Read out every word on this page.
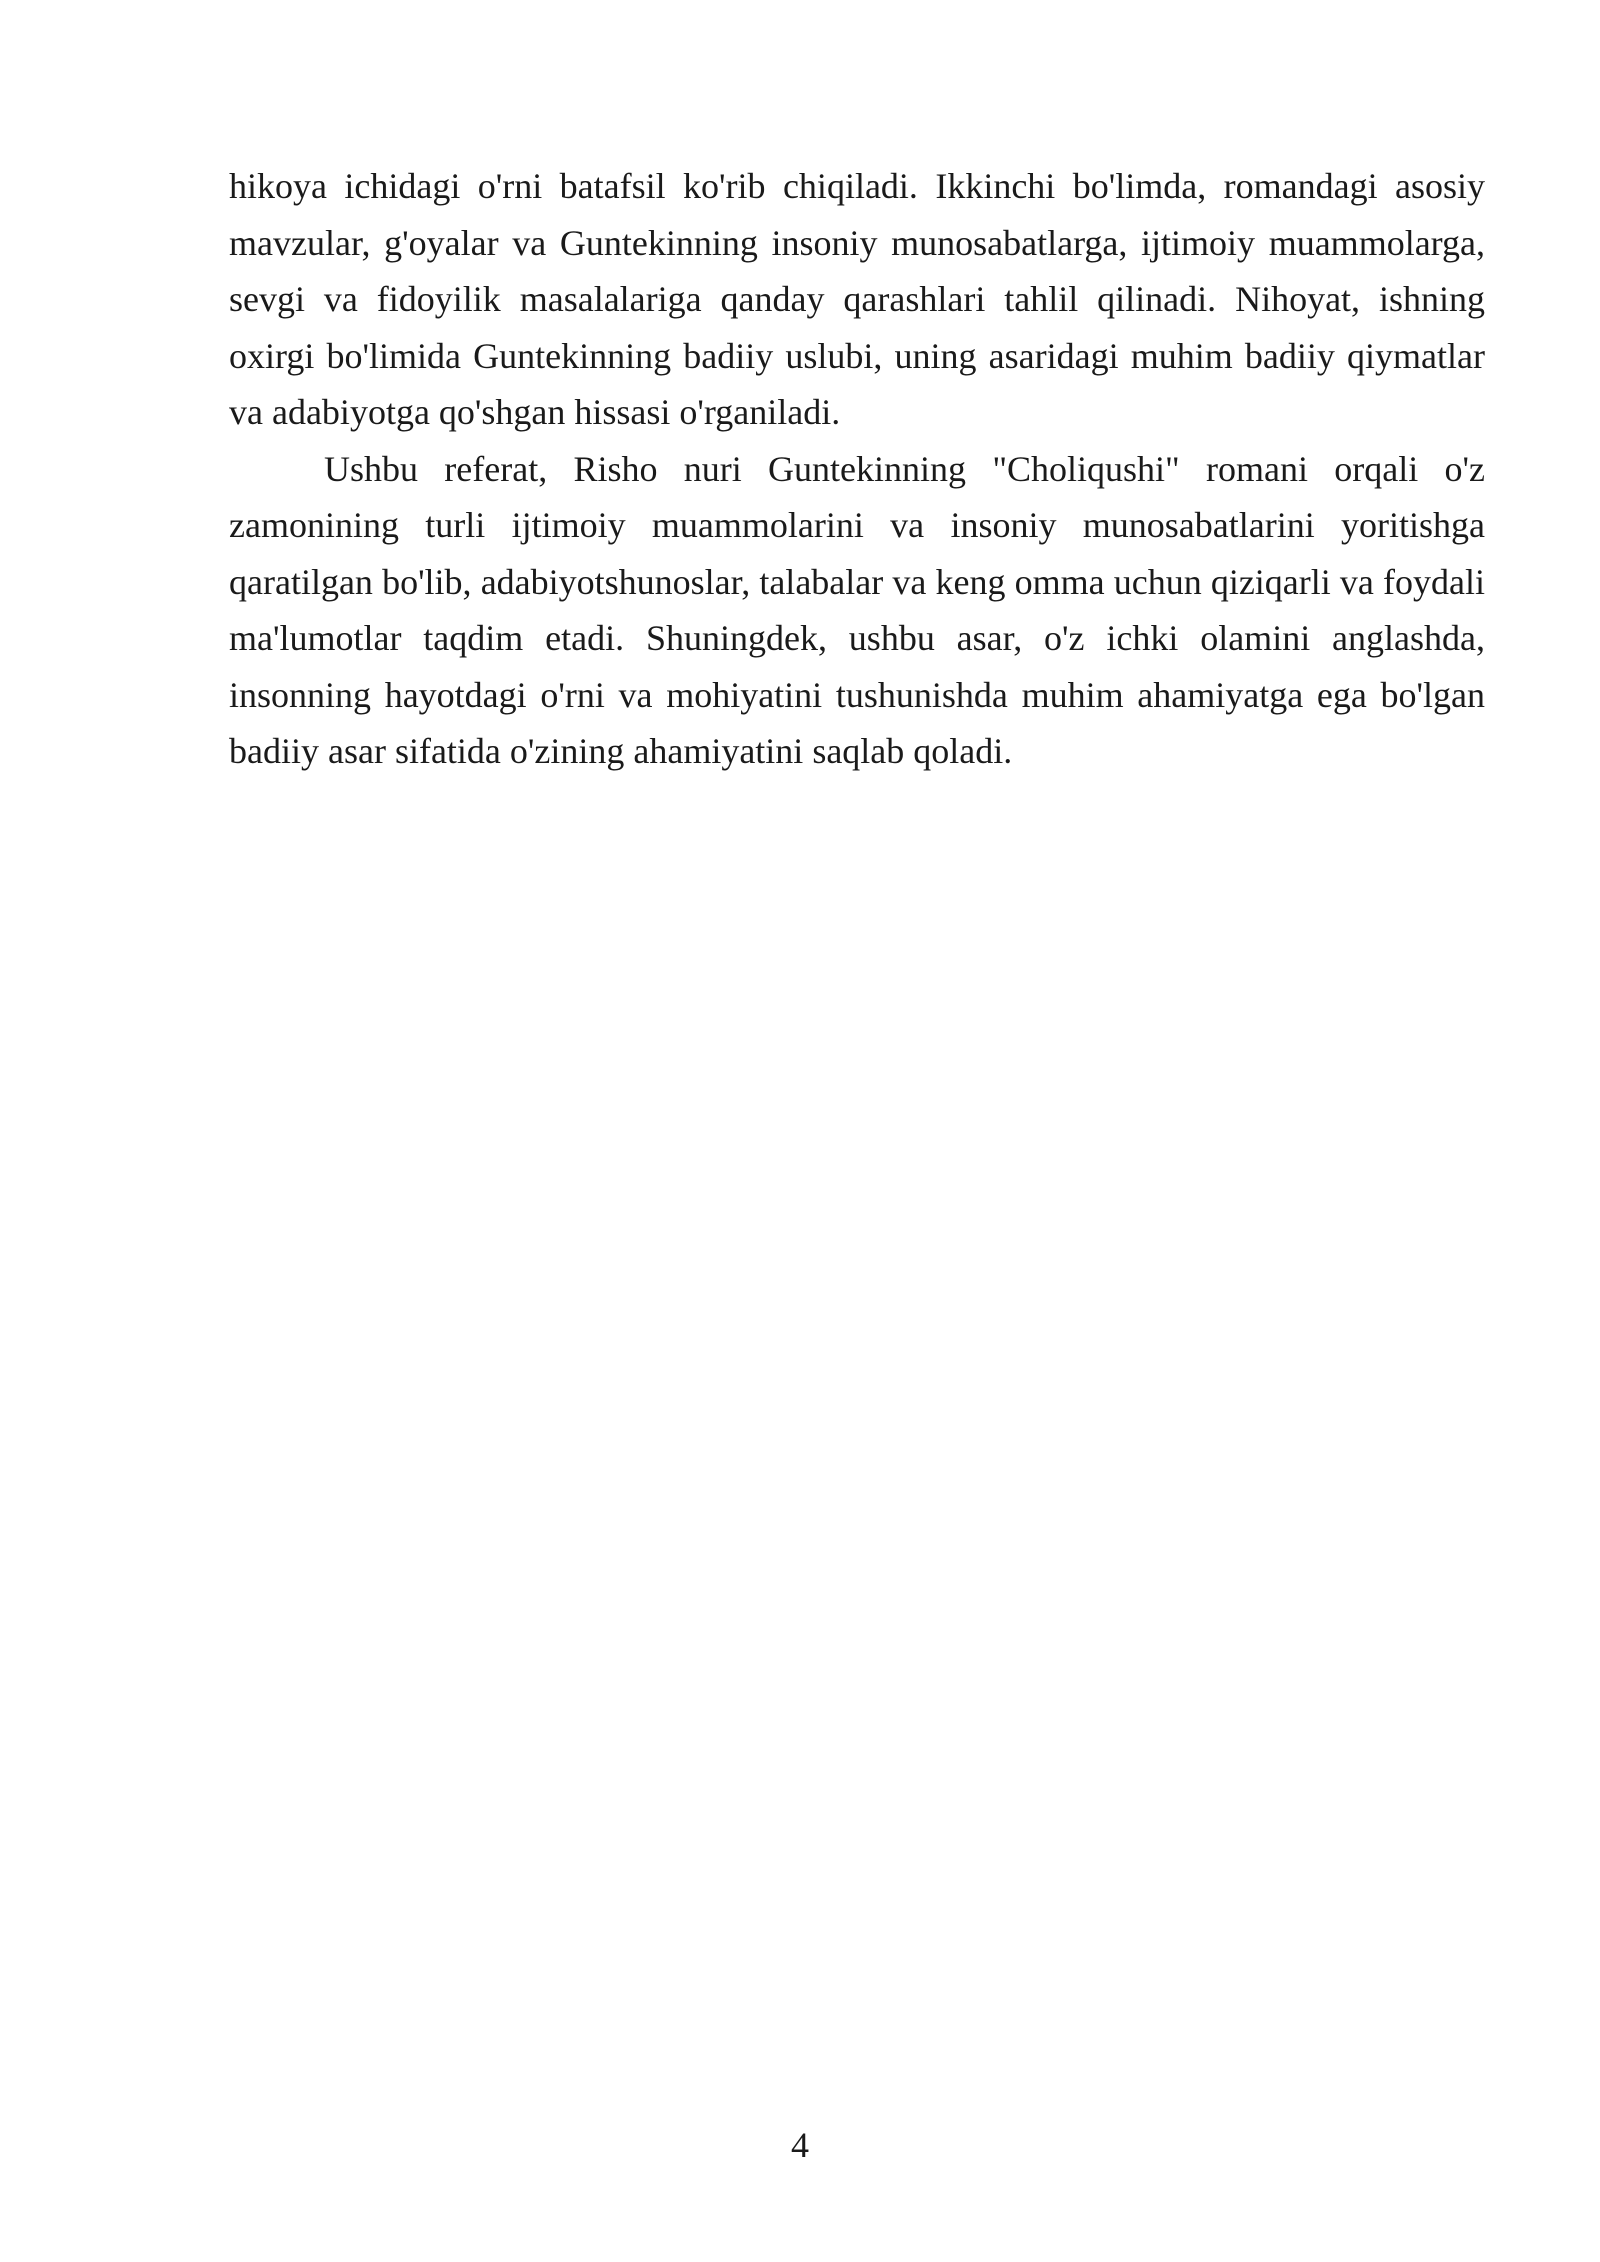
hikoya ichidagi o'rni batafsil ko'rib chiqiladi. Ikkinchi bo'limda, romandagi asosiy mavzular, g'oyalar va Guntekinning insoniy munosabatlarga, ijtimoiy muammolarga, sevgi va fidoyilik masalalariga qanday qarashlari tahlil qilinadi. Nihoyat, ishning oxirgi bo'limida Guntekinning badiiy uslubi, uning asaridagi muhim badiiy qiymatlar va adabiyotga qo'shgan hissasi o'rganiladi.

Ushbu referat, Risho nuri Guntekinning "Choliqushi" romani orqali o'z zamonining turli ijtimoiy muammolarini va insoniy munosabatlarini yoritishga qaratilgan bo'lib, adabiyotshunoslar, talabalar va keng omma uchun qiziqarli va foydali ma'lumotlar taqdim etadi. Shuningdek, ushbu asar, o'z ichki olamini anglashda, insonning hayotdagi o'rni va mohiyatini tushunishda muhim ahamiyatga ega bo'lgan badiiy asar sifatida o'zining ahamiyatini saqlab qoladi.

4
